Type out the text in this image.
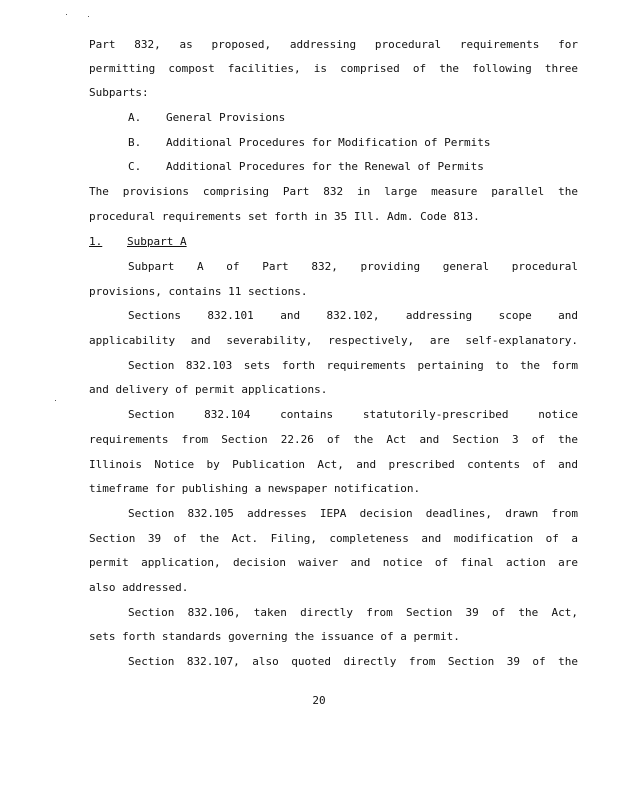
Part 832, as proposed, addressing procedural requirements for
permitting compost facilities, is comprised of the following three
Subparts:
A. General Provisions
B. Additional Procedures for Modification of Permits
C. Additional Procedures for the Renewal of Permits
The provisions comprising Part 832 in large measure parallel the
procedural requirements set forth in 35 Ill. Adm. Code 813.
1. Subpart A
Subpart A of Part 832, providing general procedural
provisions, contains 11 sections.
Sections 832.101 and 832.102, addressing scope and
applicability and severability, respectively, are self-explanatory.
Section 832.103 sets forth requirements pertaining to the form
and delivery of permit applications.
Section 832.104 contains statutorily-prescribed notice
requirements from Section 22.26 of the Act and Section 3 of the
Illinois Notice by Publication Act, and prescribed contents of and
timeframe for publishing a newspaper notification.
Section 832.105 addresses IEPA decision deadlines, drawn from
Section 39 of the Act. Filing, completeness and modification of a
permit application, decision waiver and notice of final action are
also addressed.
Section 832.106, taken directly from Section 39 of the Act,
sets forth standards governing the issuance of a permit.
Section 832.107, also quoted directly from Section 39 of the
20
